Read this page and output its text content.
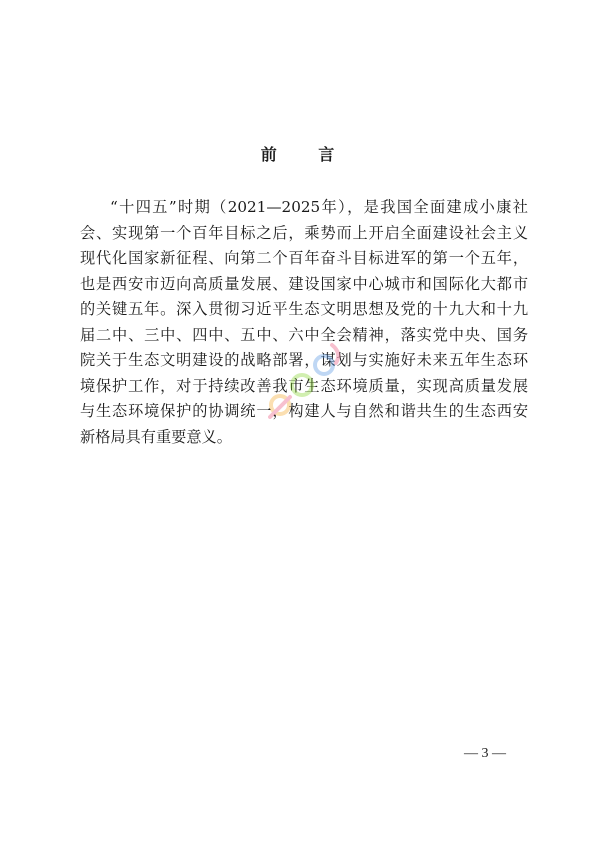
前 言
“十四五”时期（2021—2025年），是我国全面建成小康社
会、实现第一个百年目标之后，乘势而上开启全面建设社会主义
现代化国家新征程、向第二个百年奋斗目标进军的第一个五年，
也是西安市迈向高质量发展、建设国家中心城市和国际化大都市
的关键五年。深入贯彻习近平生态文明思想及党的十九大和十九
届二中、三中、四中、五中、六中全会精神，落实党中央、国务
院关于生态文明建设的战略部署，谋划与实施好未来五年生态环
境保护工作，对于持续改善我市生态环境质量，实现高质量发展
与生态环境保护的协调统一，构建人与自然和谐共生的生态西安
新格局具有重要意义。
— 3 —
